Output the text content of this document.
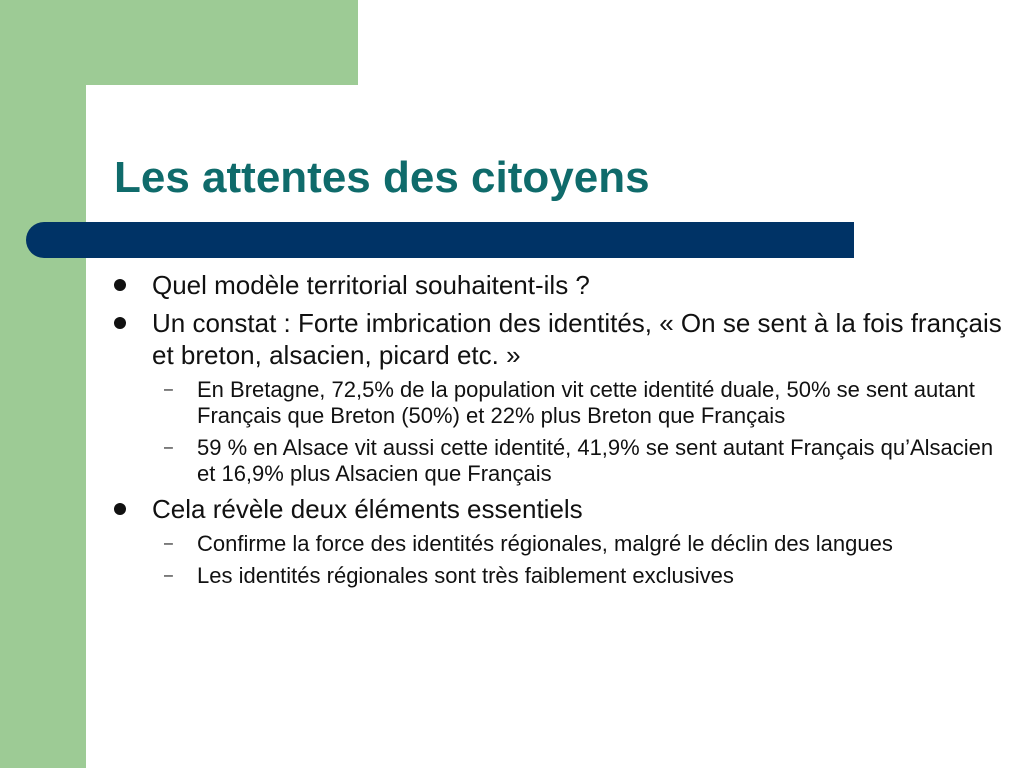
Les attentes des citoyens
Quel modèle territorial souhaitent-ils ?
Un constat : Forte imbrication des identités, « On se sent à la fois français et breton, alsacien, picard etc. »
– En Bretagne, 72,5% de la population vit cette identité duale, 50% se sent autant Français que Breton (50%) et 22% plus Breton que Français
– 59 % en Alsace vit aussi cette identité, 41,9% se sent autant Français qu’Alsacien et 16,9% plus Alsacien que Français
Cela révèle deux éléments essentiels
– Confirme la force des identités régionales, malgré le déclin des langues
– Les identités régionales sont très faiblement exclusives
